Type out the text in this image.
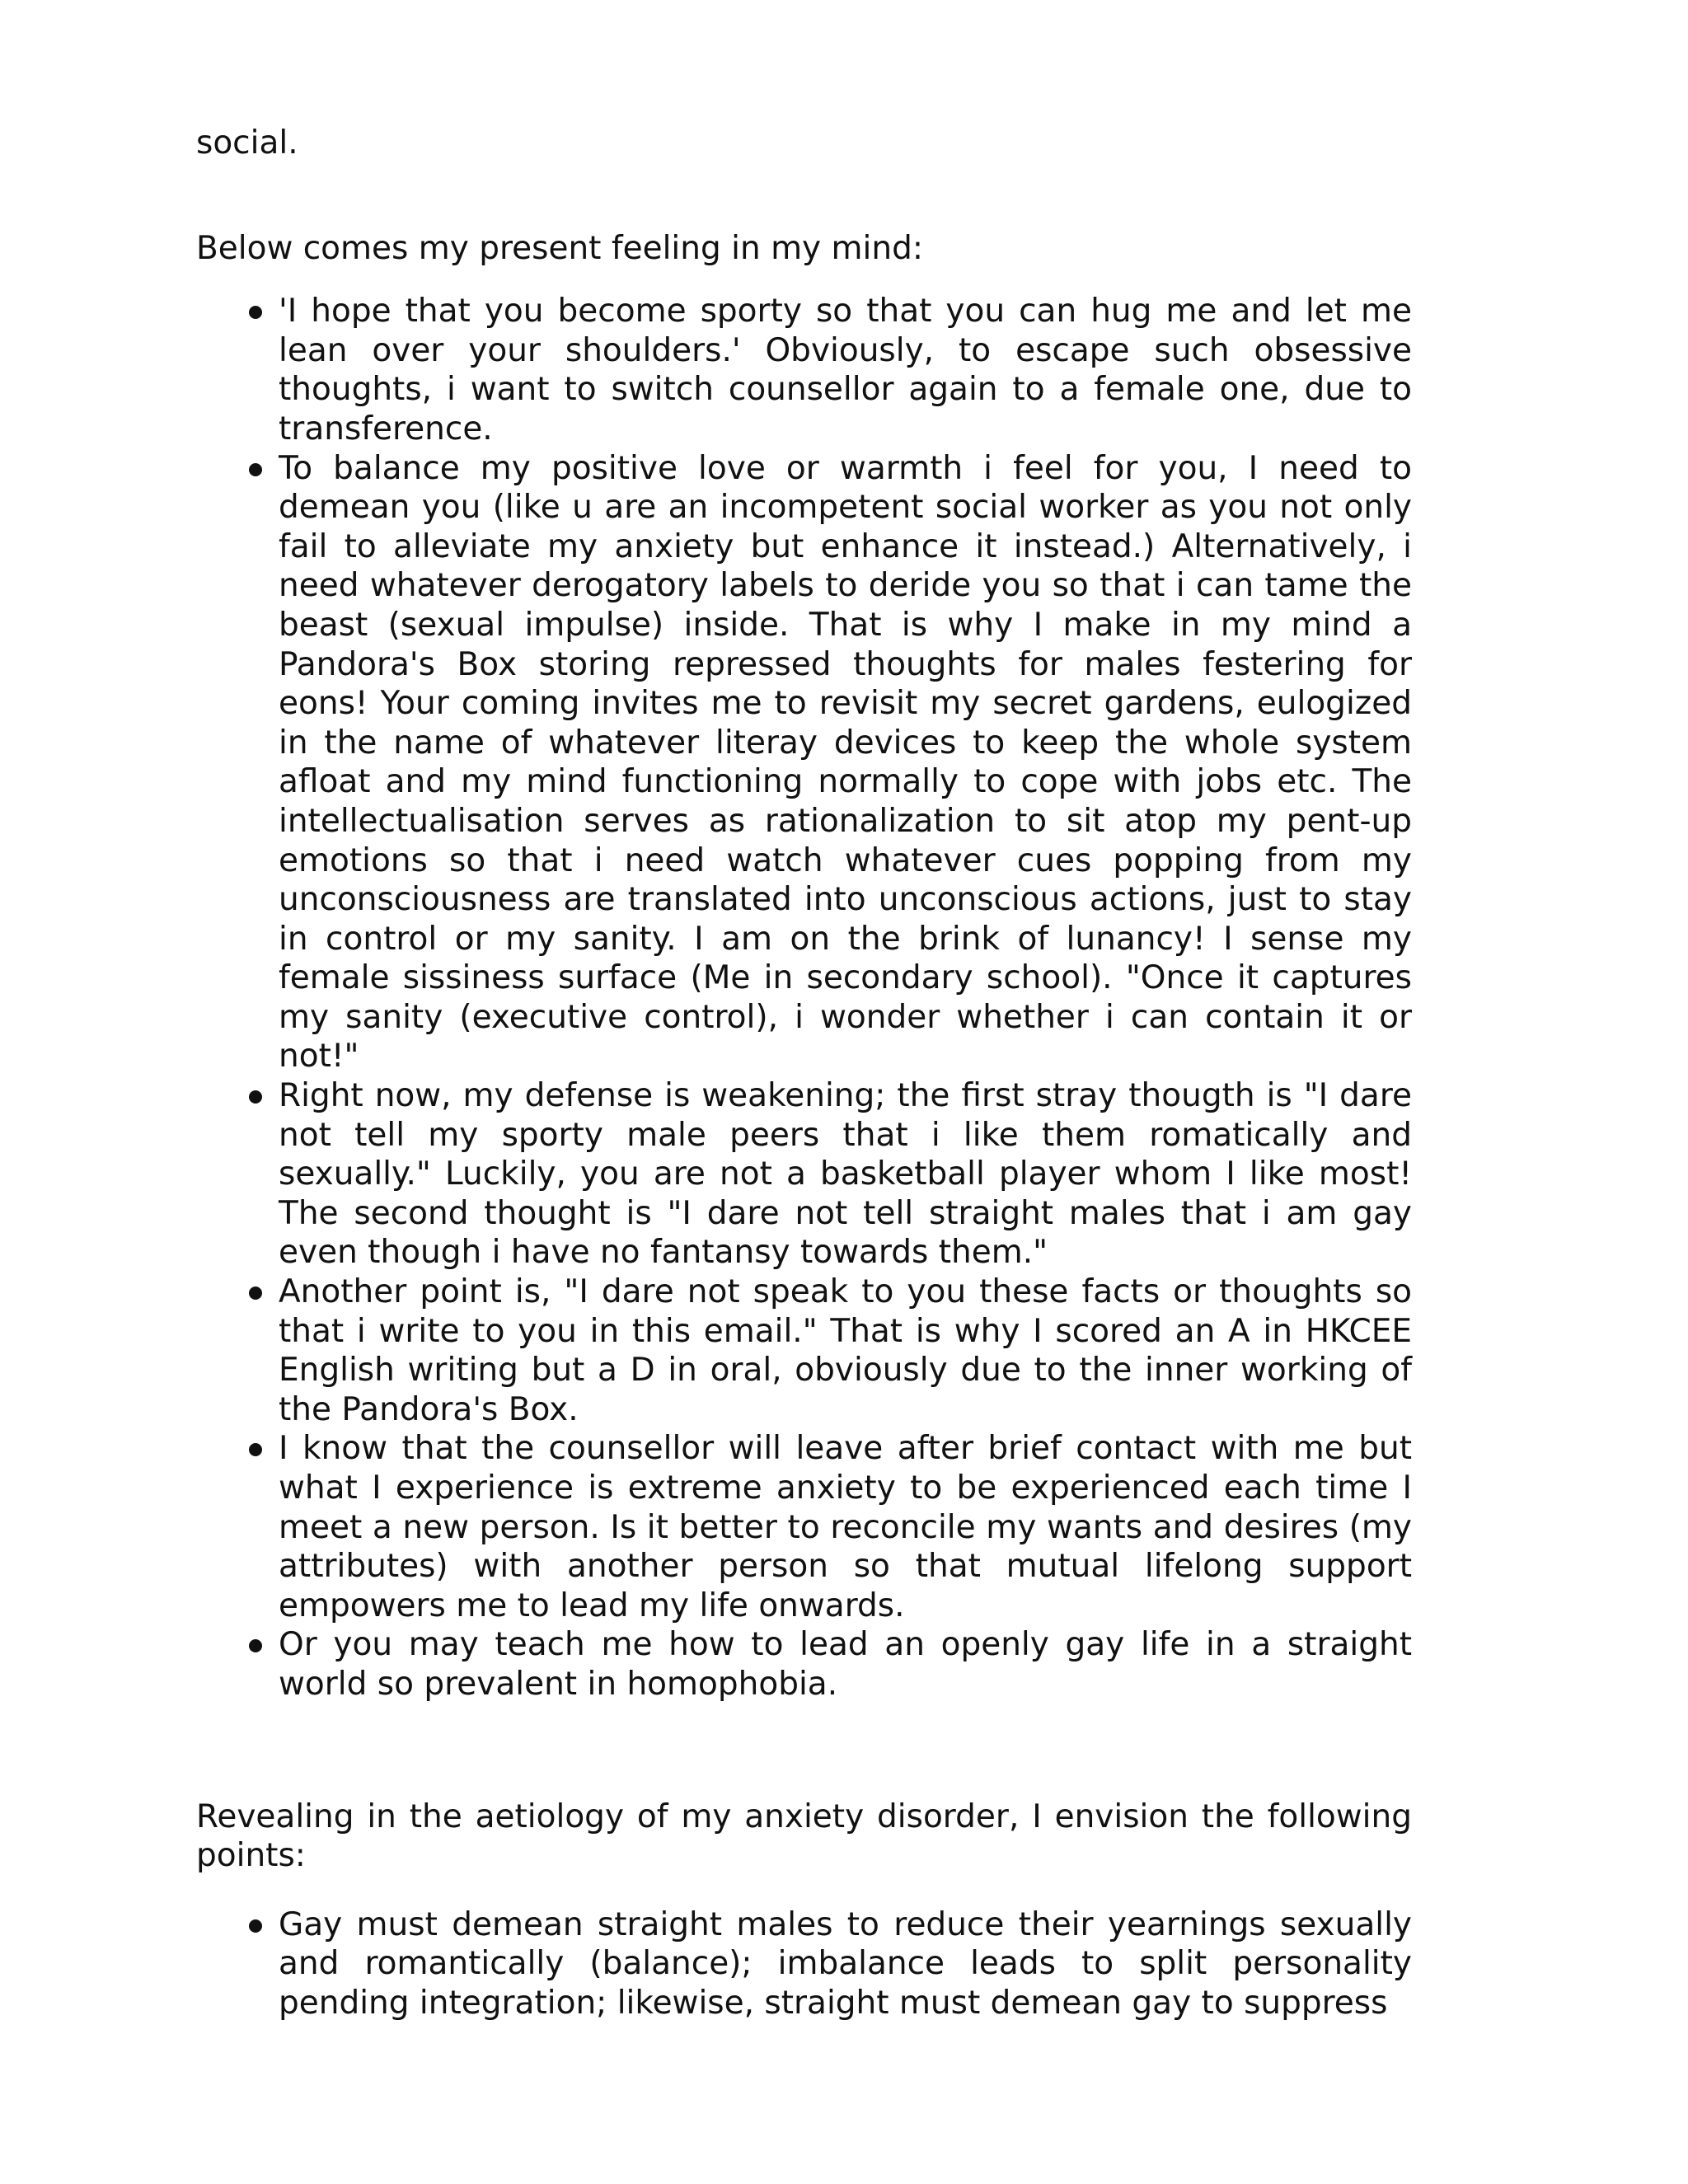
social.

Below comes my present feeling in my mind:

'I hope that you become sporty so that you can hug me and let me lean over your shoulders.' Obviously, to escape such obsessive thoughts, i want to switch counsellor again to a female one, due to transference.
To balance my positive love or warmth i feel for you, I need to demean you (like u are an incompetent social worker as you not only fail to alleviate my anxiety but enhance it instead.) Alternatively, i need whatever derogatory labels to deride you so that i can tame the beast (sexual impulse) inside. That is why I make in my mind a Pandora's Box storing repressed thoughts for males festering for eons! Your coming invites me to revisit my secret gardens, eulogized in the name of whatever literay devices to keep the whole system afloat and my mind functioning normally to cope with jobs etc. The intellectualisation serves as rationalization to sit atop my pent-up emotions so that i need watch whatever cues popping from my unconsciousness are translated into unconscious actions, just to stay in control or my sanity. I am on the brink of lunancy! I sense my female sissiness surface (Me in secondary school). "Once it captures my sanity (executive control), i wonder whether i can contain it or not!"
Right now, my defense is weakening; the first stray thougth is "I dare not tell my sporty male peers that i like them romatically and sexually." Luckily, you are not a basketball player whom I like most! The second thought is "I dare not tell straight males that i am gay even though i have no fantansy towards them."
Another point is, "I dare not speak to you these facts or thoughts so that i write to you in this email." That is why I scored an A in HKCEE English writing but a D in oral, obviously due to the inner working of the Pandora's Box.
I know that the counsellor will leave after brief contact with me but what I experience is extreme anxiety to be experienced each time I meet a new person. Is it better to reconcile my wants and desires (my attributes) with another person so that mutual lifelong support empowers me to lead my life onwards.
Or you may teach me how to lead an openly gay life in a straight world so prevalent in homophobia.

Revealing in the aetiology of my anxiety disorder, I envision the following points:

Gay must demean straight males to reduce their yearnings sexually and romantically (balance); imbalance leads to split personality pending integration; likewise, straight must demean gay to suppress
